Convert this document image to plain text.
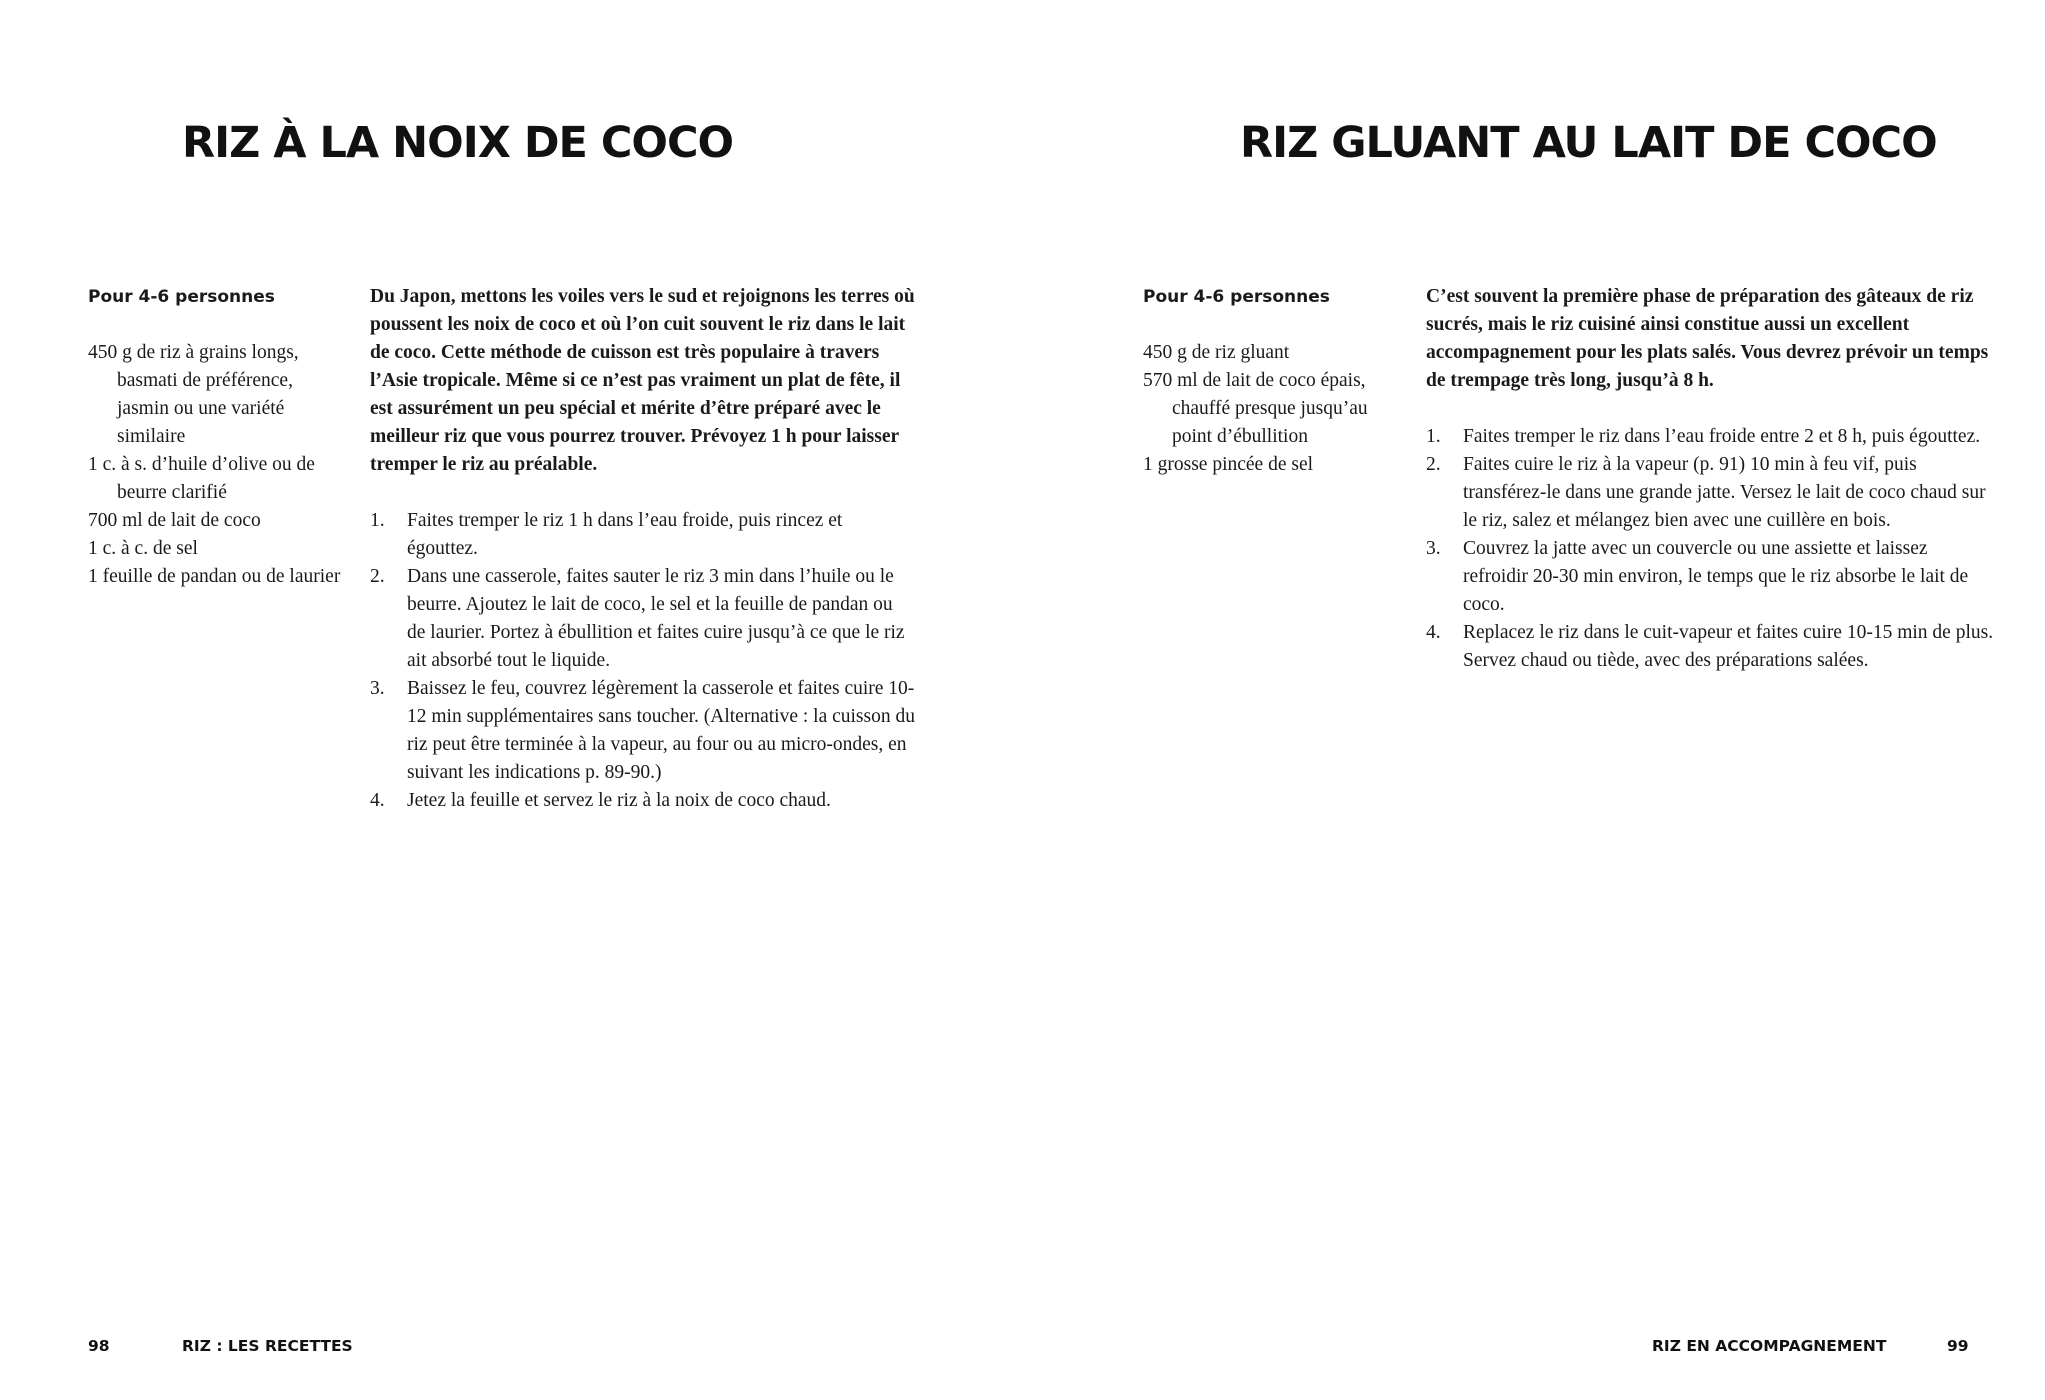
RIZ À LA NOIX DE COCO

Pour 4-6 personnes

450 g de riz à grains longs, basmati de préférence, jasmin ou une variété similaire
1 c. à s. d’huile d’olive ou de beurre clarifié
700 ml de lait de coco
1 c. à c. de sel
1 feuille de pandan ou de laurier

Du Japon, mettons les voiles vers le sud et rejoignons les terres où poussent les noix de coco et où l’on cuit souvent le riz dans le lait de coco. Cette méthode de cuisson est très populaire à travers l’Asie tropicale. Même si ce n’est pas vraiment un plat de fête, il est assurément un peu spécial et mérite d’être préparé avec le meilleur riz que vous pourrez trouver. Prévoyez 1 h pour laisser tremper le riz au préalable.

1. Faites tremper le riz 1 h dans l’eau froide, puis rincez et égouttez.
2. Dans une casserole, faites sauter le riz 3 min dans l’huile ou le beurre. Ajoutez le lait de coco, le sel et la feuille de pandan ou de laurier. Portez à ébullition et faites cuire jusqu’à ce que le riz ait absorbé tout le liquide.
3. Baissez le feu, couvrez légèrement la casserole et faites cuire 10-12 min supplémentaires sans toucher. (Alternative : la cuisson du riz peut être terminée à la vapeur, au four ou au micro-ondes, en suivant les indications p. 89-90.)
4. Jetez la feuille et servez le riz à la noix de coco chaud.
98	RIZ : LES RECETTES
RIZ GLUANT AU LAIT DE COCO

Pour 4-6 personnes

450 g de riz gluant
570 ml de lait de coco épais, chauffé presque jusqu’au point d’ébullition
1 grosse pincée de sel

C’est souvent la première phase de préparation des gâteaux de riz sucrés, mais le riz cuisiné ainsi constitue aussi un excellent accompagnement pour les plats salés. Vous devrez prévoir un temps de trempage très long, jusqu’à 8 h.

1. Faites tremper le riz dans l’eau froide entre 2 et 8 h, puis égouttez.
2. Faites cuire le riz à la vapeur (p. 91) 10 min à feu vif, puis transférez-le dans une grande jatte. Versez le lait de coco chaud sur le riz, salez et mélangez bien avec une cuillère en bois.
3. Couvrez la jatte avec un couvercle ou une assiette et laissez refroidir 20-30 min environ, le temps que le riz absorbe le lait de coco.
4. Replacez le riz dans le cuit-vapeur et faites cuire 10-15 min de plus. Servez chaud ou tiède, avec des préparations salées.
RIZ EN ACCOMPAGNEMENT	99
